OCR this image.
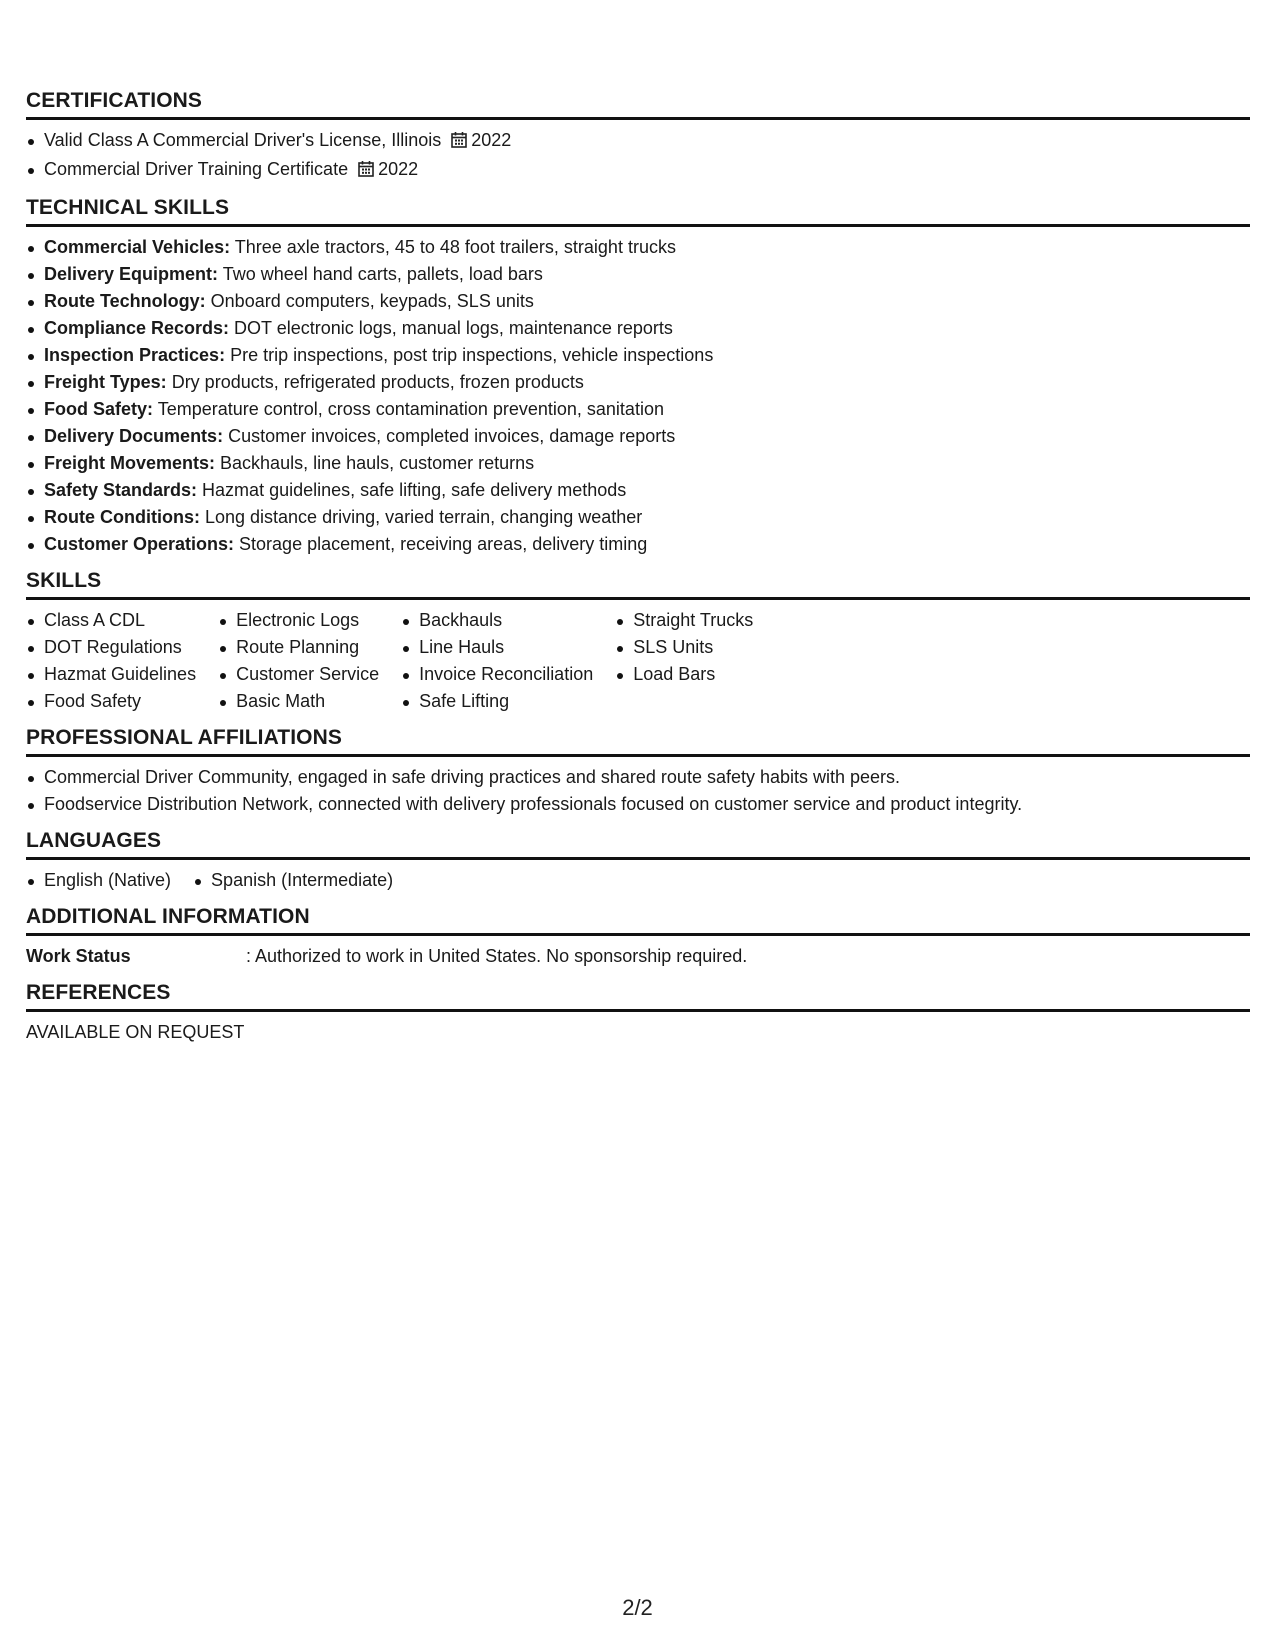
CERTIFICATIONS
Valid Class A Commercial Driver's License, Illinois 2022
Commercial Driver Training Certificate 2022
TECHNICAL SKILLS
Commercial Vehicles: Three axle tractors, 45 to 48 foot trailers, straight trucks
Delivery Equipment: Two wheel hand carts, pallets, load bars
Route Technology: Onboard computers, keypads, SLS units
Compliance Records: DOT electronic logs, manual logs, maintenance reports
Inspection Practices: Pre trip inspections, post trip inspections, vehicle inspections
Freight Types: Dry products, refrigerated products, frozen products
Food Safety: Temperature control, cross contamination prevention, sanitation
Delivery Documents: Customer invoices, completed invoices, damage reports
Freight Movements: Backhauls, line hauls, customer returns
Safety Standards: Hazmat guidelines, safe lifting, safe delivery methods
Route Conditions: Long distance driving, varied terrain, changing weather
Customer Operations: Storage placement, receiving areas, delivery timing
SKILLS
Class A CDL
DOT Regulations
Hazmat Guidelines
Food Safety
Electronic Logs
Route Planning
Customer Service
Basic Math
Backhauls
Line Hauls
Invoice Reconciliation
Safe Lifting
Straight Trucks
SLS Units
Load Bars
PROFESSIONAL AFFILIATIONS
Commercial Driver Community, engaged in safe driving practices and shared route safety habits with peers.
Foodservice Distribution Network, connected with delivery professionals focused on customer service and product integrity.
LANGUAGES
English (Native)	Spanish (Intermediate)
ADDITIONAL INFORMATION
Work Status	: Authorized to work in United States. No sponsorship required.
REFERENCES
AVAILABLE ON REQUEST
2/2
